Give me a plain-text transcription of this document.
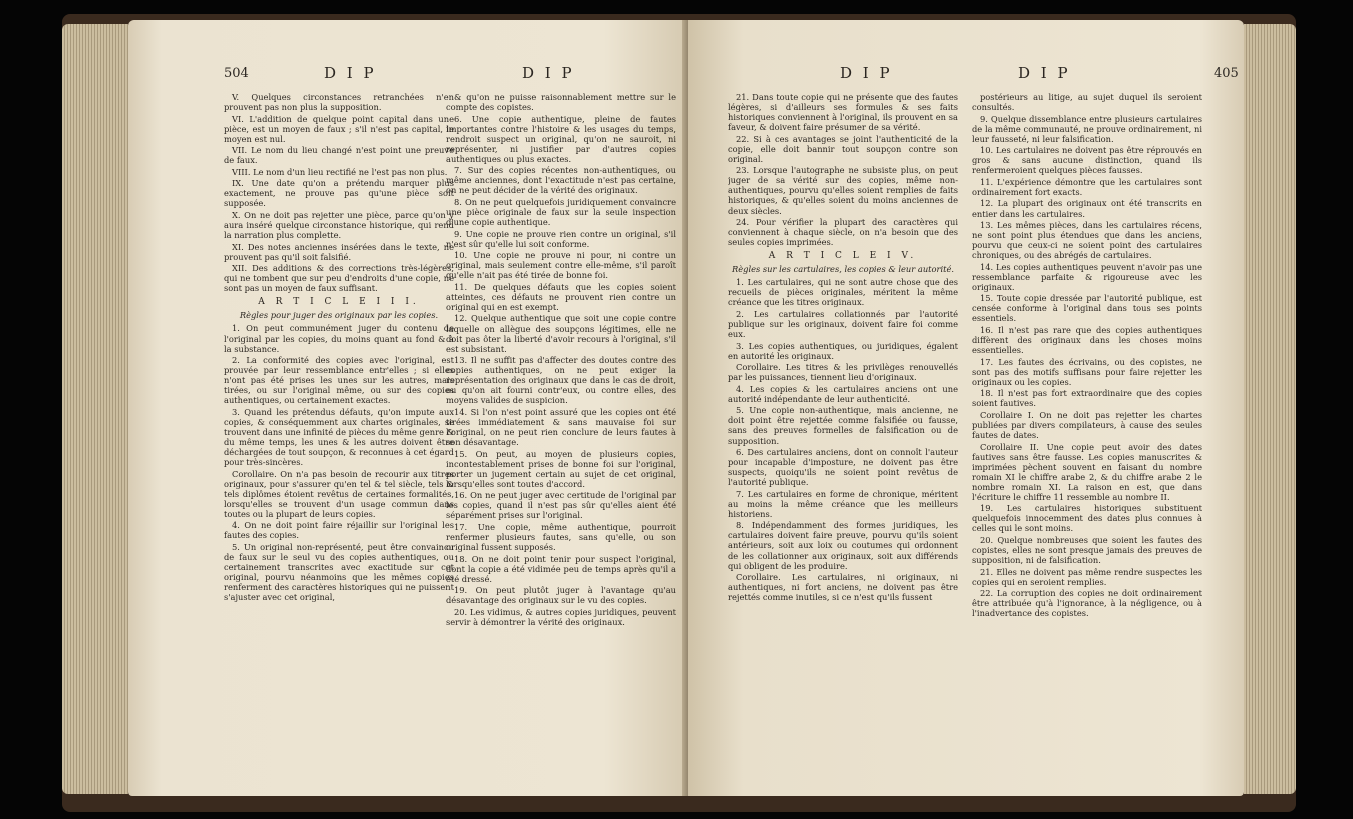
504	D I P	D I P

V. Quelques circonstances retranchées n'en prouvent pas non plus la supposition.

VI. L'addition de quelque point capital dans une pièce, est un moyen de faux ; s'il n'est pas capital, le moyen est nul.

VII. Le nom du lieu changé n'est point une preuve de faux.

VIII. Le nom d'un lieu rectifié ne l'est pas non plus.

IX. Une date qu'on a prétendu marquer plus exactement, ne prouve pas qu'une pièce soit supposée.

X. On ne doit pas rejetter une pièce, parce qu'on y aura inséré quelque circonstance historique, qui rend la narration plus complette.

XI. Des notes anciennes insérées dans le texte, ne prouvent pas qu'il soit falsifié.

XII. Des additions & des corrections très-légères, qui ne tombent que sur peu d'endroits d'une copie, ne sont pas un moyen de faux suffisant.

A R T I C L E I I I.

Règles pour juger des originaux par les copies.

1. On peut communément juger du contenu de l'original par les copies, du moins quant au fond & à la substance.

2. La conformité des copies avec l'original, est prouvée par leur ressemblance entr'elles ; si elles n'ont pas été prises les unes sur les autres, mais tirées, ou sur l'original même, ou sur des copies authentiques, ou certainement exactes.

3. Quand les prétendus défauts, qu'on impute aux copies, & conséquemment aux chartes originales, se trouvent dans une infinité de pièces du même genre & du même temps, les unes & les autres doivent être déchargées de tout soupçon, & reconnues à cet égard pour très-sincères.

Corollaire. On n'a pas besoin de recourir aux titres originaux, pour s'assurer qu'en tel & tel siècle, tels & tels diplômes étoient revêtus de certaines formalités, lorsqu'elles se trouvent d'un usage commun dans toutes ou la plupart de leurs copies.

4. On ne doit point faire réjaillir sur l'original les fautes des copies.

5. Un original non-représenté, peut être convaincu de faux sur le seul vu des copies authentiques, ou certainement transcrites avec exactitude sur cet original, pourvu néanmoins que les mêmes copies renferment des caractères historiques qui ne puissent s'ajuster avec cet original,

& qu'on ne puisse raisonnablement mettre sur le compte des copistes.

6. Une copie authentique, pleine de fautes importantes contre l'histoire & les usages du temps, rendroit suspect un original, qu'on ne sauroit, ni représenter, ni justifier par d'autres copies authentiques ou plus exactes.

7. Sur des copies récentes non-authentiques, ou même anciennes, dont l'exactitude n'est pas certaine, on ne peut décider de la vérité des originaux.

8. On ne peut quelquefois juridiquement convaincre une pièce originale de faux sur la seule inspection d'une copie authentique.

9. Une copie ne prouve rien contre un original, s'il n'est sûr qu'elle lui soit conforme.

10. Une copie ne prouve ni pour, ni contre un original, mais seulement contre elle-même, s'il paroît qu'elle n'ait pas été tirée de bonne foi.

11. De quelques défauts que les copies soient atteintes, ces défauts ne prouvent rien contre un original qui en est exempt.

12. Quelque authentique que soit une copie contre laquelle on allègue des soupçons légitimes, elle ne doit pas ôter la liberté d'avoir recours à l'original, s'il est subsistant.

13. Il ne suffit pas d'affecter des doutes contre des copies authentiques, on ne peut exiger la représentation des originaux que dans le cas de droit, ou qu'on ait fourni contr'eux, ou contre elles, des moyens valides de suspicion.

14. Si l'on n'est point assuré que les copies ont été tirées immédiatement & sans mauvaise foi sur l'original, on ne peut rien conclure de leurs fautes à son désavantage.

15. On peut, au moyen de plusieurs copies, incontestablement prises de bonne foi sur l'original, porter un jugement certain au sujet de cet original, lorsqu'elles sont toutes d'accord.

16. On ne peut juger avec certitude de l'original par les copies, quand il n'est pas sûr qu'elles aient été séparément prises sur l'original.

17. Une copie, même authentique, pourroit renfermer plusieurs fautes, sans qu'elle, ou son original fussent supposés.

18. On ne doit point tenir pour suspect l'original, dont la copie a été vidimée peu de temps après qu'il a été dressé.

19. On peut plutôt juger à l'avantage qu'au désavantage des originaux sur le vu des copies.

20. Les vidimus, & autres copies juridiques, peuvent servir à démontrer la vérité des originaux.

D I P	D I P	405

21. Dans toute copie qui ne présente que des fautes légères, si d'ailleurs ses formules & ses faits historiques conviennent à l'original, ils prouvent en sa faveur, & doivent faire présumer de sa vérité.

22. Si à ces avantages se joint l'authenticité de la copie, elle doit bannir tout soupçon contre son original.

23. Lorsque l'autographe ne subsiste plus, on peut juger de sa vérité sur des copies, même non-authentiques, pourvu qu'elles soient remplies de faits historiques, & qu'elles soient du moins anciennes de deux siècles.

24. Pour vérifier la plupart des caractères qui conviennent à chaque siècle, on n'a besoin que des seules copies imprimées.

A R T I C L E I V.

Règles sur les cartulaires, les copies & leur autorité.

1. Les cartulaires, qui ne sont autre chose que des recueils de pièces originales, méritent la même créance que les titres originaux.

2. Les cartulaires collationnés par l'autorité publique sur les originaux, doivent faire foi comme eux.

3. Les copies authentiques, ou juridiques, égalent en autorité les originaux.

Corollaire. Les titres & les privilèges renouvellés par les puissances, tiennent lieu d'originaux.

4. Les copies & les cartulaires anciens ont une autorité indépendante de leur authenticité.

5. Une copie non-authentique, mais ancienne, ne doit point être rejettée comme falsifiée ou fausse, sans des preuves formelles de falsification ou de supposition.

6. Des cartulaires anciens, dont on connoît l'auteur pour incapable d'imposture, ne doivent pas être suspects, quoiqu'ils ne soient point revêtus de l'autorité publique.

7. Les cartulaires en forme de chronique, méritent au moins la même créance que les meilleurs historiens.

8. Indépendamment des formes juridiques, les cartulaires doivent faire preuve, pourvu qu'ils soient antérieurs, soit aux loix ou coutumes qui ordonnent de les collationner aux originaux, soit aux différends qui obligent de les produire.

Corollaire. Les cartulaires, ni originaux, ni authentiques, ni fort anciens, ne doivent pas être rejettés comme inutiles, si ce n'est qu'ils fussent

postérieurs au litige, au sujet duquel ils seroient consultés.

9. Quelque dissemblance entre plusieurs cartulaires de la même communauté, ne prouve ordinairement, ni leur fausseté, ni leur falsification.

10. Les cartulaires ne doivent pas être réprouvés en gros & sans aucune distinction, quand ils renfermeroient quelques pièces fausses.

11. L'expérience démontre que les cartulaires sont ordinairement fort exacts.

12. La plupart des originaux ont été transcrits en entier dans les cartulaires.

13. Les mêmes pièces, dans les cartulaires récens, ne sont point plus étendues que dans les anciens, pourvu que ceux-ci ne soient point des cartulaires chroniques, ou des abrégés de cartulaires.

14. Les copies authentiques peuvent n'avoir pas une ressemblance parfaite & rigoureuse avec les originaux.

15. Toute copie dressée par l'autorité publique, est censée conforme à l'original dans tous ses points essentiels.

16. Il n'est pas rare que des copies authentiques diffèrent des originaux dans les choses moins essentielles.

17. Les fautes des écrivains, ou des copistes, ne sont pas des motifs suffisans pour faire rejetter les originaux ou les copies.

18. Il n'est pas fort extraordinaire que des copies soient fautives.

Corollaire I. On ne doit pas rejetter les chartes publiées par divers compilateurs, à cause des seules fautes de dates.

Corollaire II. Une copie peut avoir des dates fautives sans être fausse. Les copies manuscrites & imprimées pèchent souvent en faisant du nombre romain XI le chiffre arabe 2, & du chiffre arabe 2 le nombre romain XI. La raison en est, que dans l'écriture le chiffre 11 ressemble au nombre II.

19. Les cartulaires historiques substituent quelquefois innocemment des dates plus connues à celles qui le sont moins.

20. Quelque nombreuses que soient les fautes des copistes, elles ne sont presque jamais des preuves de supposition, ni de falsification.

21. Elles ne doivent pas même rendre suspectes les copies qui en seroient remplies.

22. La corruption des copies ne doit ordinairement être attribuée qu'à l'ignorance, à la négligence, ou à l'inadvertance des copistes.
